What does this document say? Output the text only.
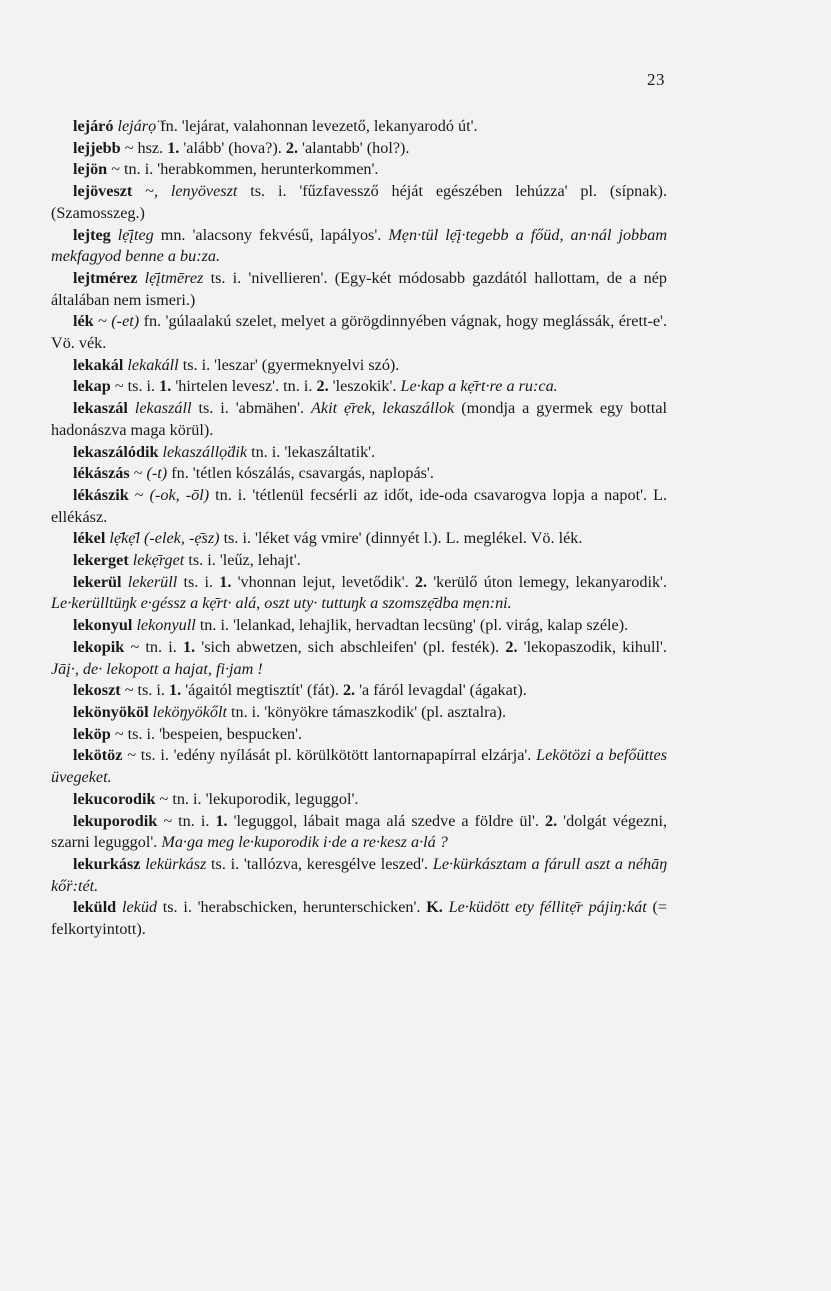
23

lejáró lejárọ̈ fn. 'lejárat, valahonnan levezető, lekanyarodó út'.

lejjebb ~ hsz. 1. 'alább' (hova?). 2. 'alantabb' (hol?).

lejön ~ tn. i. 'herabkommen, herunterkommen'.

lejöveszt ~, lenyöveszt ts. i. 'fűzfavessző héját egészében lehúzza' pl. (sípnak). (Szamosszeg.)

lejteg lẹ̄įteg mn. 'alacsony fekvésű, lapályos'. Mẹn·tül lẹ̄į·tegebb a főüd, an·nál jobbam mekfagyod benne a bu:za.

lejtmérez lẹ̄įtmērez ts. i. 'nivellieren'. (Egy-két módosabb gazdától hallottam, de a nép általában nem ismeri.)

lék ~ (-et) fn. 'gúlaalakú szelet, melyet a görögdinnyében vágnak, hogy meglássák, érett-e'. Vö. vék.

lekakál lekakáll ts. i. 'leszar' (gyermeknyelvi szó).

lekap ~ ts. i. 1. 'hirtelen levesz'. tn. i. 2. 'leszokik'. Le·kap a kẹ̄rt·re a ru:ca.

lekaszál lekaszáll ts. i. 'abmähen'. Akit ẹ̄rek, lekaszállok (mondja a gyermek egy bottal hadonászva maga körül).

lekaszálódik lekaszállọ̈dik tn. i. 'lekaszáltatik'.

lékászás ~ (-t) fn. 'tétlen kószálás, csavargás, naplopás'.

lékászik ~ (-ok, -ōl) tn. i. 'tétlenül fecsérli az időt, ide-oda csavarogva lopja a napot'. L. ellékász.

lékel lẹ̄kẹ̄l (-elek, -ẹ̄sz) ts. i. 'léket vág vmire' (dinnyét l.). L. meglékel. Vö. lék.

lekerget lekẹ̄rget ts. i. 'leűz, lehajt'.

lekerül lekerüll ts. i. 1. 'vhonnan lejut, levetődik'. 2. 'kerülő úton lemegy, lekanyarodik'. Le·kerülltüŋk e·géssz a kẹ̄rt· alá, oszt uty· tuttuŋk a szomszẹ̄dba mẹn:ni.

lekonyul lekonyull tn. i. 'lelankad, lehajlik, hervadtan lecsüng' (pl. virág, kalap széle).

lekopik ~ tn. i. 1. 'sich abwetzen, sich abschleifen' (pl. festék). 2. 'lekopaszodik, kihull'. Jāį·, de· lekopott a hajat, fi·jam !

lekoszt ~ ts. i. 1. 'ágaitól megtisztít' (fát). 2. 'a fáról levagdal' (ágakat).

lekönyököl leköŋyökőlt tn. i. 'könyökre támaszkodik' (pl. asztalra).

leköp ~ ts. i. 'bespeien, bespucken'.

lekötöz ~ ts. i. 'edény nyílását pl. körülkötött lantornapapírral elzárja'. Lekötözi a befőüttes üvegeket.

lekucorodik ~ tn. i. 'lekuporodik, leguggol'.

lekuporodik ~ tn. i. 1. 'leguggol, lábait maga alá szedve a földre ül'. 2. 'dolgát végezni, szarni leguggol'. Ma·ga meg le·kuporodik i·de a re·kesz a·lá ?

lekurkász lekürkász ts. i. 'tallózva, keresgélve leszed'. Le·kürkásztam a fárull aszt a néhāŋ kő̈r:tét.

leküld leküd ts. i. 'herabschicken, herunterschicken'. K. Le·küdött ety féllitẹ̄r pájiŋ:kát (= felkortyintott).
